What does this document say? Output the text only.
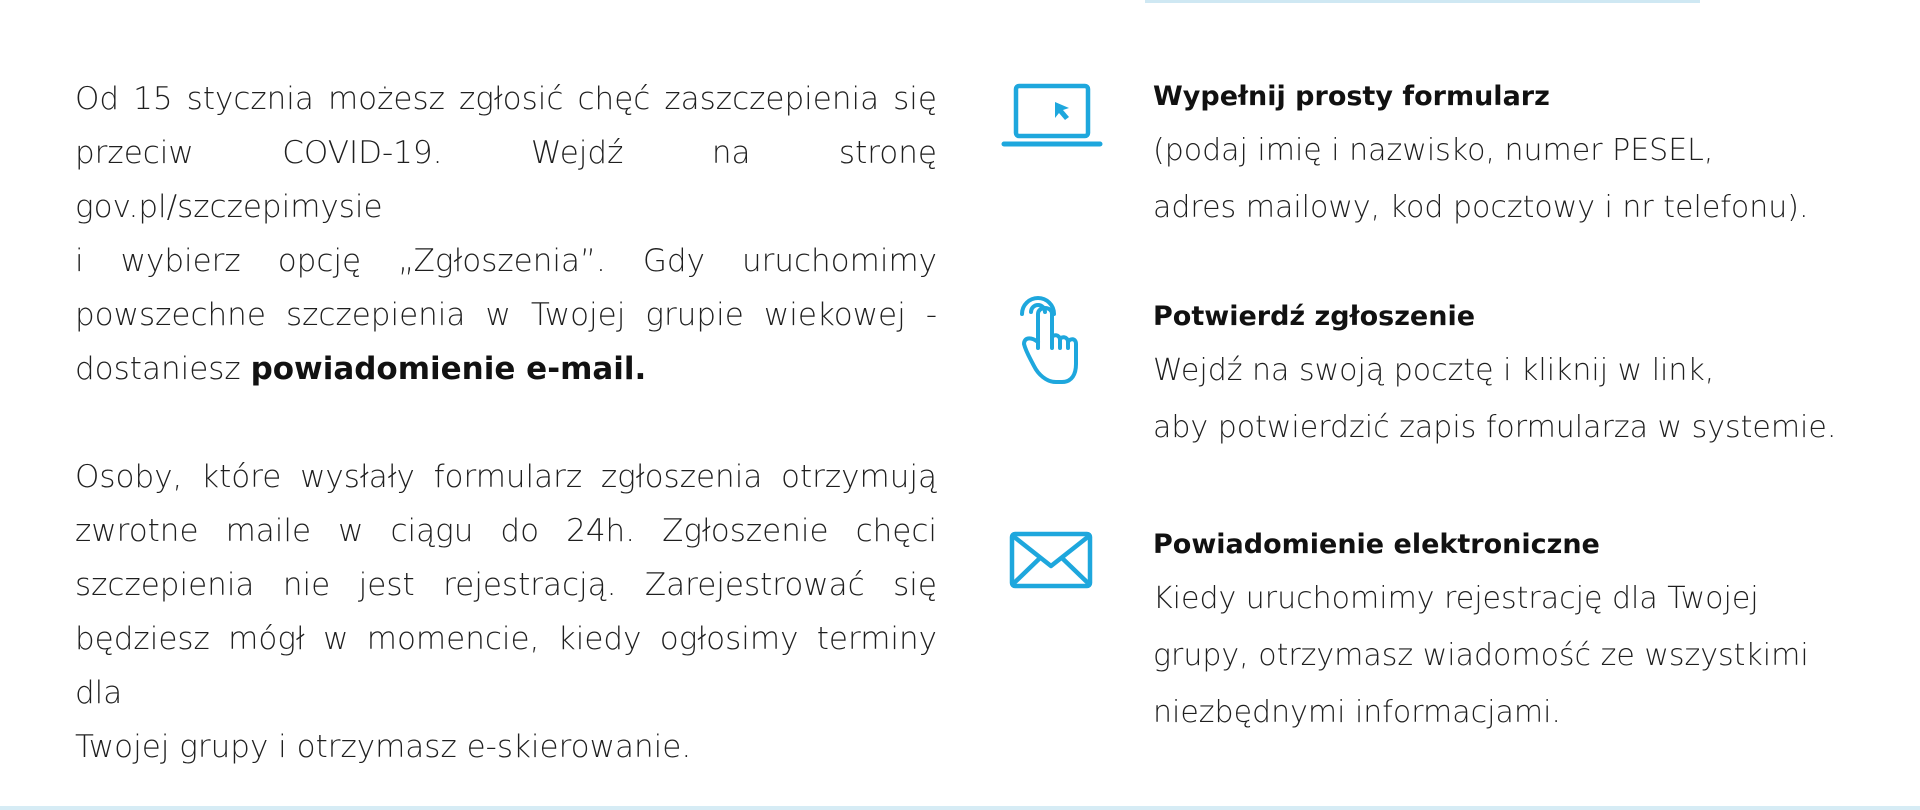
Od 15 stycznia możesz zgłosić chęć zaszczepienia się
przeciw COVID-19. Wejdź na stronę gov.pl/szczepimysie
i wybierz opcję „Zgłoszenia”. Gdy uruchomimy
powszechne szczepienia w Twojej grupie wiekowej -
dostaniesz powiadomienie e-mail.

Osoby, które wysłały formularz zgłoszenia otrzymują
zwrotne maile w ciągu do 24h. Zgłoszenie chęci
szczepienia nie jest rejestracją. Zarejestrować się
będziesz mógł w momencie, kiedy ogłosimy terminy dla
Twojej grupy i otrzymasz e-skierowanie.

Wypełnij prosty formularz

(podaj imię i nazwisko, numer PESEL,

adres mailowy, kod pocztowy i nr telefonu).

Potwierdź zgłoszenie

Wejdź na swoją pocztę i kliknij w link,

aby potwierdzić zapis formularza w systemie.

Powiadomienie elektroniczne

Kiedy uruchomimy rejestrację dla Twojej

grupy, otrzymasz wiadomość ze wszystkimi

niezbędnymi informacjami.
